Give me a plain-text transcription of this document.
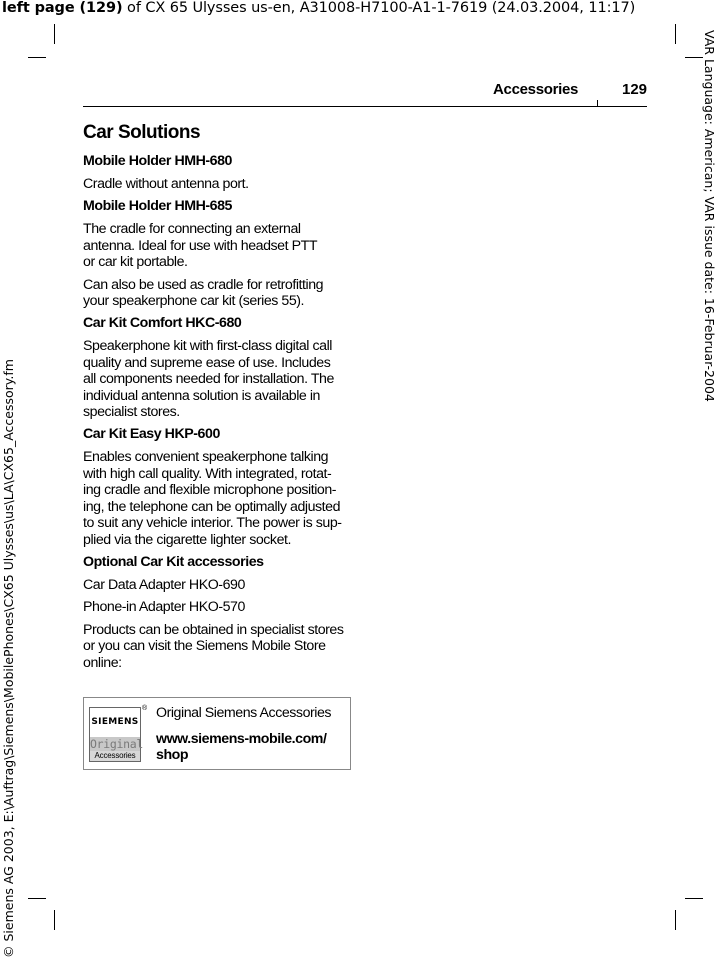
left page (129) of CX 65 Ulysses us-en, A31008-H7100-A1-1-7619 (24.03.2004, 11:17)
VAR Language: American; VAR issue date: 16-Februar-2004
© Siemens AG 2003, E:\Auftrag\Siemens\MobilePhones\CX65 Ulysses\us\LA\CX65_Accessory.fm
Accessories	129
Car Solutions
Mobile Holder HMH-680

Cradle without antenna port.

Mobile Holder HMH-685

The cradle for connecting an external
antenna. Ideal for use with headset PTT
or car kit portable.

Can also be used as cradle for retrofitting
your speakerphone car kit (series 55).

Car Kit Comfort HKC-680

Speakerphone kit with first-class digital call
quality and supreme ease of use. Includes
all components needed for installation. The
individual antenna solution is available in
specialist stores.

Car Kit Easy HKP-600

Enables convenient speakerphone talking
with high call quality. With integrated, rotat-
ing cradle and flexible microphone position-
ing, the telephone can be optimally adjusted
to suit any vehicle interior. The power is sup-
plied via the cigarette lighter socket.

Optional Car Kit accessories

Car Data Adapter HKO-690

Phone-in Adapter HKO-570

Products can be obtained in specialist stores
or you can visit the Siemens Mobile Store
online:

SIEMENS
Original
Accessories
® Original Siemens Accessories
www.siemens-mobile.com/
shop
